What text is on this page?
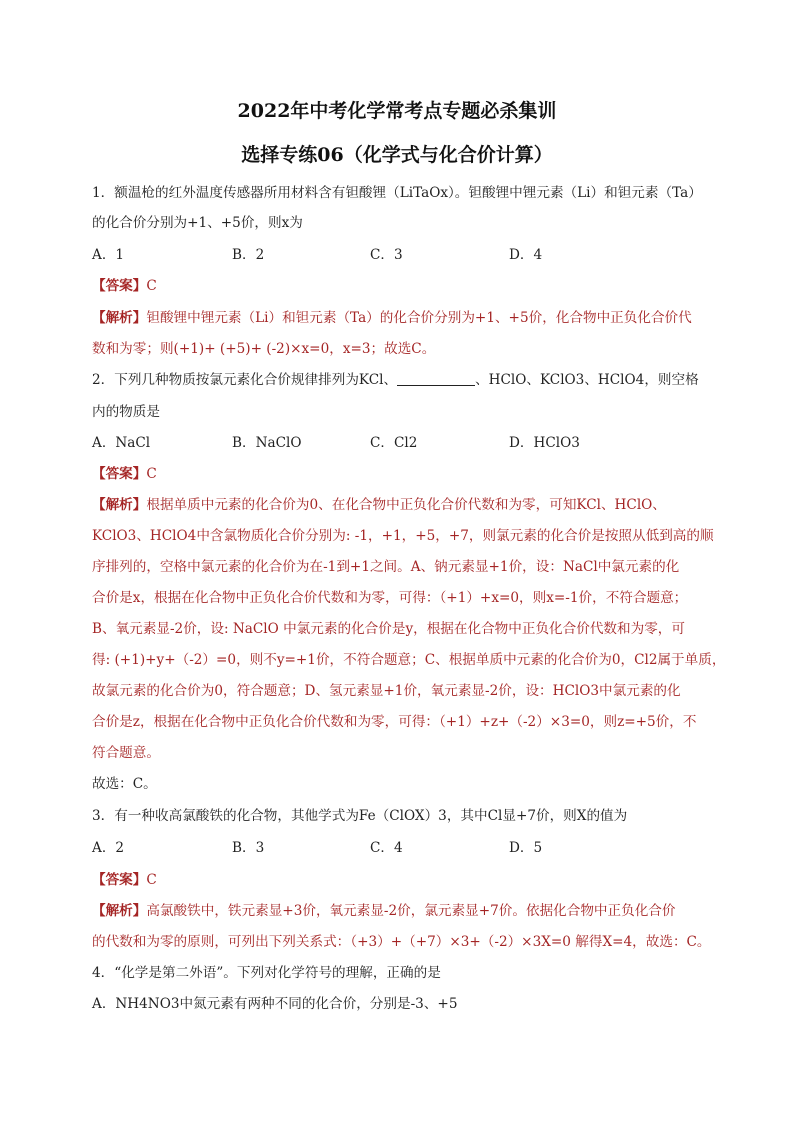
2022年中考化学常考点专题必杀集训
选择专练06（化学式与化合价计算）
1．额温枪的红外温度传感器所用材料含有钽酸锂（LiTaOx）。钽酸锂中锂元素（Li）和钽元素（Ta）
的化合价分别为+1、+5价，则x为
A．1	B．2	C．3	D．4
【答案】C
【解析】钽酸锂中锂元素（Li）和钽元素（Ta）的化合价分别为+1、+5价，化合物中正负化合价代
数和为零；则(+1)+ (+5)+ (-2)×x=0，x=3；故选C。
2．下列几种物质按氯元素化合价规律排列为KCl、	、HClO、KClO3、HClO4，则空格
内的物质是
A．NaCl	B．NaClO	C．Cl2	D．HClO3
【答案】C
【解析】根据单质中元素的化合价为0、在化合物中正负化合价代数和为零，可知KCl、HClO、
KClO3、HClO4中含氯物质化合价分别为: -1，+1，+5，+7，则氯元素的化合价是按照从低到高的顺
序排列的，空格中氯元素的化合价为在-1到+1之间。A、钠元素显+1价，设：NaCl中氯元素的化
合价是x，根据在化合物中正负化合价代数和为零，可得：（+1）+x=0，则x=-1价，不符合题意；
B、氧元素显-2价，设: NaClO 中氯元素的化合价是y，根据在化合物中正负化合价代数和为零，可
得: (+1)+y+（-2）=0，则不y=+1价，不符合题意；C、根据单质中元素的化合价为0，Cl2属于单质，
故氯元素的化合价为0，符合题意；D、氢元素显+1价，氧元素显-2价，设：HClO3中氯元素的化
合价是z，根据在化合物中正负化合价代数和为零，可得：（+1）+z+（-2）×3=0，则z=+5价，不
符合题意。
故选：C。
3．有一种收高氯酸铁的化合物，其他学式为Fe（ClOX）3，其中Cl显+7价，则X的值为
A．2	B．3	C．4	D．5
【答案】C
【解析】高氯酸铁中，铁元素显+3价，氧元素显-2价，氯元素显+7价。依据化合物中正负化合价
的代数和为零的原则，可列出下列关系式：（+3）+（+7）×3+（-2）×3X=0 解得X=4，故选：C。
4．“化学是第二外语”。下列对化学符号的理解，正确的是
A．NH4NO3中氮元素有两种不同的化合价，分别是-3、+5
